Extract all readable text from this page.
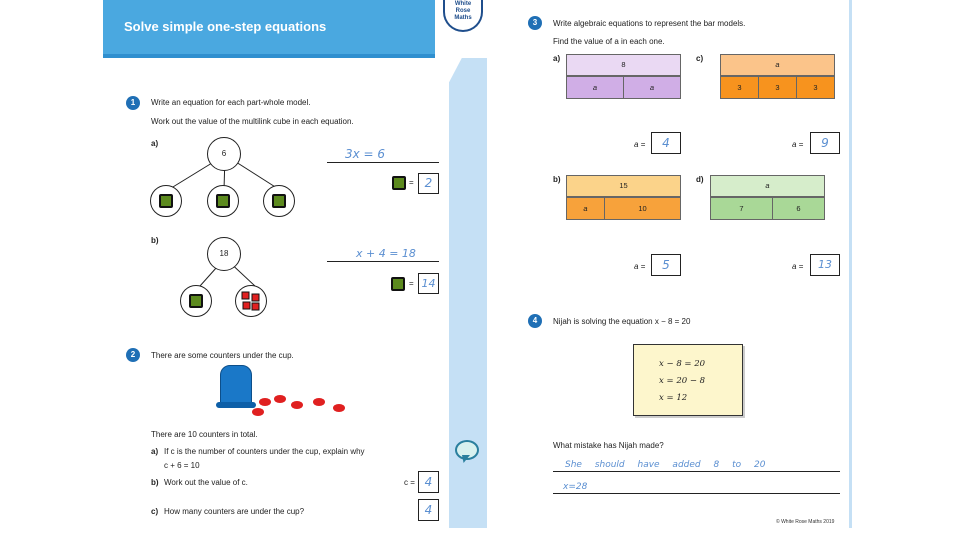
Solve simple one-step equations
White
Rose
Maths
1	Write an equation for each part-whole model.
Work out the value of the multilink cube in each equation.
a)
6	3x = 6
= 2
b)
18	x + 4 = 18
= 14
2	There are some counters under the cup.
There are 10 counters in total.
a) If c is the number of counters under the cup, explain why
c + 6 = 10
b) Work out the value of c.	c = 4
c) How many counters are under the cup?	4
3	Write algebraic equations to represent the bar models.
Find the value of a in each one.
a)
8
a	a
a =	4
c)
a
3	3	3
a =	9
b)
15
a	10
a =	5
d)
a
7	6
a =	13
4	Nijah is solving the equation x − 8 = 20
x − 8 = 20
x = 20 − 8
x = 12
What mistake has Nijah made?
She should have added 8 to 20
x=28
© White Rose Maths 2019
